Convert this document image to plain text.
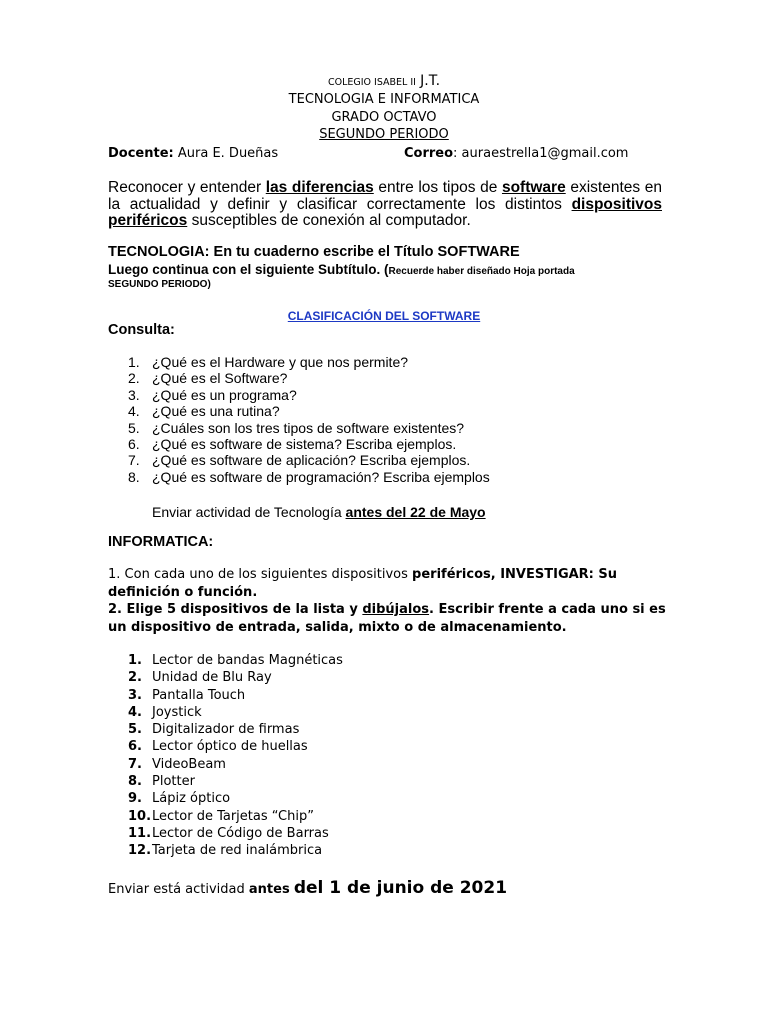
COLEGIO ISABEL II J.T.
TECNOLOGIA E INFORMATICA
GRADO OCTAVO
SEGUNDO PERIODO
Docente: Aura E. Dueñas	Correo: auraestrella1@gmail.com
Reconocer y entender las diferencias entre los tipos de software existentes en la actualidad y definir y clasificar correctamente los distintos dispositivos periféricos susceptibles de conexión al computador.
TECNOLOGIA: En tu cuaderno escribe el Título SOFTWARE
Luego continua con el siguiente Subtítulo. (Recuerde haber diseñado Hoja portada
SEGUNDO PERIODO)
CLASIFICACIÓN DEL SOFTWARE
Consulta:
1. ¿Qué es el Hardware y que nos permite?
2. ¿Qué es el Software?
3. ¿Qué es un programa?
4. ¿Qué es una rutina?
5. ¿Cuáles son los tres tipos de software existentes?
6. ¿Qué es software de sistema? Escriba ejemplos.
7. ¿Qué es software de aplicación? Escriba ejemplos.
8. ¿Qué es software de programación? Escriba ejemplos
Enviar actividad de Tecnología antes del 22 de Mayo
INFORMATICA:
1. Con cada uno de los siguientes dispositivos periféricos, INVESTIGAR: Su definición o función.
2. Elige 5 dispositivos de la lista y dibújalos. Escribir frente a cada uno si es un dispositivo de entrada, salida, mixto o de almacenamiento.
1. Lector de bandas Magnéticas
2. Unidad de Blu Ray
3. Pantalla Touch
4. Joystick
5. Digitalizador de firmas
6. Lector óptico de huellas
7. VideoBeam
8. Plotter
9. Lápiz óptico
10. Lector de Tarjetas “Chip”
11. Lector de Código de Barras
12. Tarjeta de red inalámbrica
Enviar está actividad antes del 1 de junio de 2021
